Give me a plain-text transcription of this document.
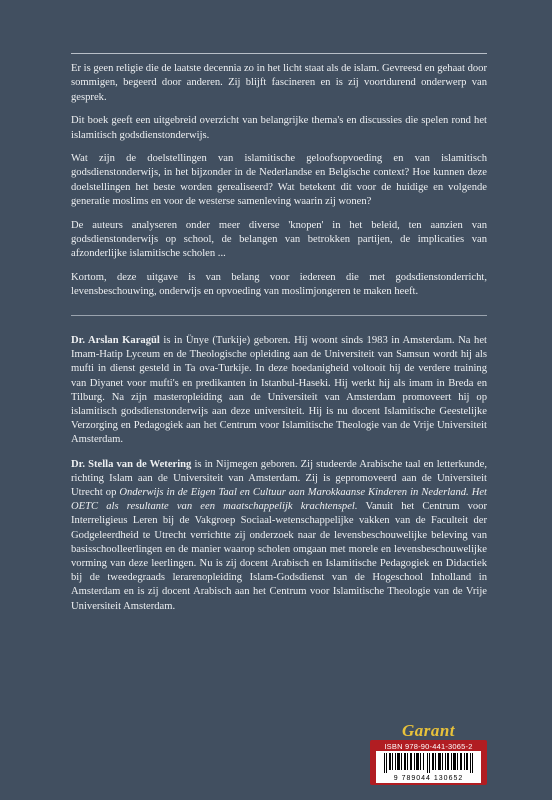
Er is geen religie die de laatste decennia zo in het licht staat als de islam. Gevreesd en gehaat door sommigen, begeerd door anderen. Zij blijft fascineren en is zij voortdurend onderwerp van gesprek.

Dit boek geeft een uitgebreid overzicht van belangrijke thema's en discussies die spelen rond het islamitisch godsdienstonderwijs.

Wat zijn de doelstellingen van islamitische geloofsopvoeding en van islamitisch godsdienstonderwijs, in het bijzonder in de Nederlandse en Belgische context? Hoe kunnen deze doelstellingen het beste worden gerealiseerd? Wat betekent dit voor de huidige en volgende generatie moslims en voor de westerse samenleving waarin zij wonen?

De auteurs analyseren onder meer diverse 'knopen' in het beleid, ten aanzien van godsdienstonderwijs op school, de belangen van betrokken partijen, de implicaties van afzonderlijke islamitische scholen ...

Kortom, deze uitgave is van belang voor iedereen die met godsdienstonderricht, levensbeschouwing, onderwijs en opvoeding van moslimjongeren te maken heeft.

Dr. Arslan Karagül is in Ünye (Turkije) geboren. Hij woont sinds 1983 in Amsterdam. Na het Imam-Hatip Lyceum en de Theologische opleiding aan de Universiteit van Samsun wordt hij als mufti in dienst gesteld in Ta ova-Turkije. In deze hoedanigheid voltooit hij de verdere training van Diyanet voor mufti's en predikanten in Istanbul-Haseki. Hij werkt hij als imam in Breda en Tilburg. Na zijn masteropleiding aan de Universiteit van Amsterdam promoveert hij op islamitisch godsdienstonderwijs aan deze universiteit. Hij is nu docent Islamitische Geestelijke Verzorging en Pedagogiek aan het Centrum voor Islamitische Theologie van de Vrije Universiteit Amsterdam.

Dr. Stella van de Wetering is in Nijmegen geboren. Zij studeerde Arabische taal en letterkunde, richting Islam aan de Universiteit van Amsterdam. Zij is gepromoveerd aan de Universiteit Utrecht op Onderwijs in de Eigen Taal en Cultuur aan Marokkaanse Kinderen in Nederland. Het OETC als resultante van een maatschappelijk krachtenspel. Vanuit het Centrum voor Interreligieus Leren bij de Vakgroep Sociaal-wetenschappelijke vakken van de Faculteit der Godgeleerdheid te Utrecht verrichtte zij onderzoek naar de levensbeschouwelijke beleving van basisschoolleerlingen en de manier waarop scholen omgaan met morele en levensbeschouwelijke vorming van deze leerlingen. Nu is zij docent Arabisch en Islamitische Pedagogiek en Didactiek bij de tweedegraads lerarenopleiding Islam-Godsdienst van de Hogeschool Inholland in Amsterdam en is zij docent Arabisch aan het Centrum voor Islamitische Theologie van de Vrije Universiteit Amsterdam.

Garant
ISBN 978-90-441-3065-2
9 789044 130652
